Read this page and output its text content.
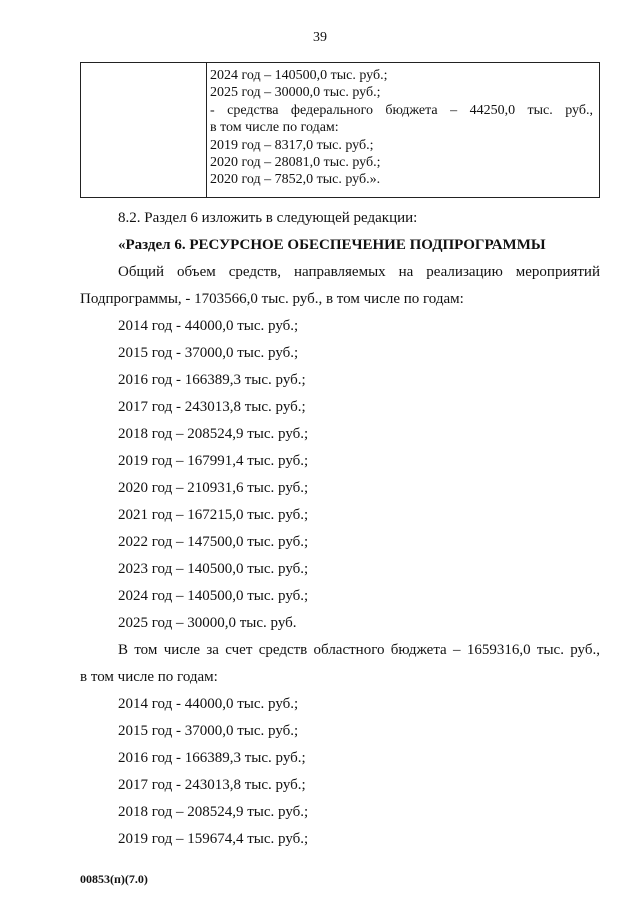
39
2024 год – 140500,0 тыс. руб.;
2025 год – 30000,0 тыс. руб.;
- средства федерального бюджета – 44250,0 тыс. руб.,
в том числе по годам:
2019 год – 8317,0 тыс. руб.;
2020 год – 28081,0 тыс. руб.;
2020 год – 7852,0 тыс. руб.».
8.2. Раздел 6 изложить в следующей редакции:
«Раздел 6. РЕСУРСНОЕ ОБЕСПЕЧЕНИЕ ПОДПРОГРАММЫ
Общий объем средств, направляемых на реализацию мероприятий
Подпрограммы, - 1703566,0 тыс. руб., в том числе по годам:
2014 год - 44000,0 тыс. руб.;
2015 год - 37000,0 тыс. руб.;
2016 год - 166389,3 тыс. руб.;
2017 год - 243013,8 тыс. руб.;
2018 год – 208524,9 тыс. руб.;
2019 год – 167991,4 тыс. руб.;
2020 год – 210931,6 тыс. руб.;
2021 год – 167215,0 тыс. руб.;
2022 год – 147500,0 тыс. руб.;
2023 год – 140500,0 тыс. руб.;
2024 год – 140500,0 тыс. руб.;
2025 год – 30000,0 тыс. руб.
В том числе за счет средств областного бюджета – 1659316,0 тыс. руб.,
в том числе по годам:
2014 год - 44000,0 тыс. руб.;
2015 год - 37000,0 тыс. руб.;
2016 год - 166389,3 тыс. руб.;
2017 год - 243013,8 тыс. руб.;
2018 год – 208524,9 тыс. руб.;
2019 год – 159674,4 тыс. руб.;
00853(п)(7.0)
